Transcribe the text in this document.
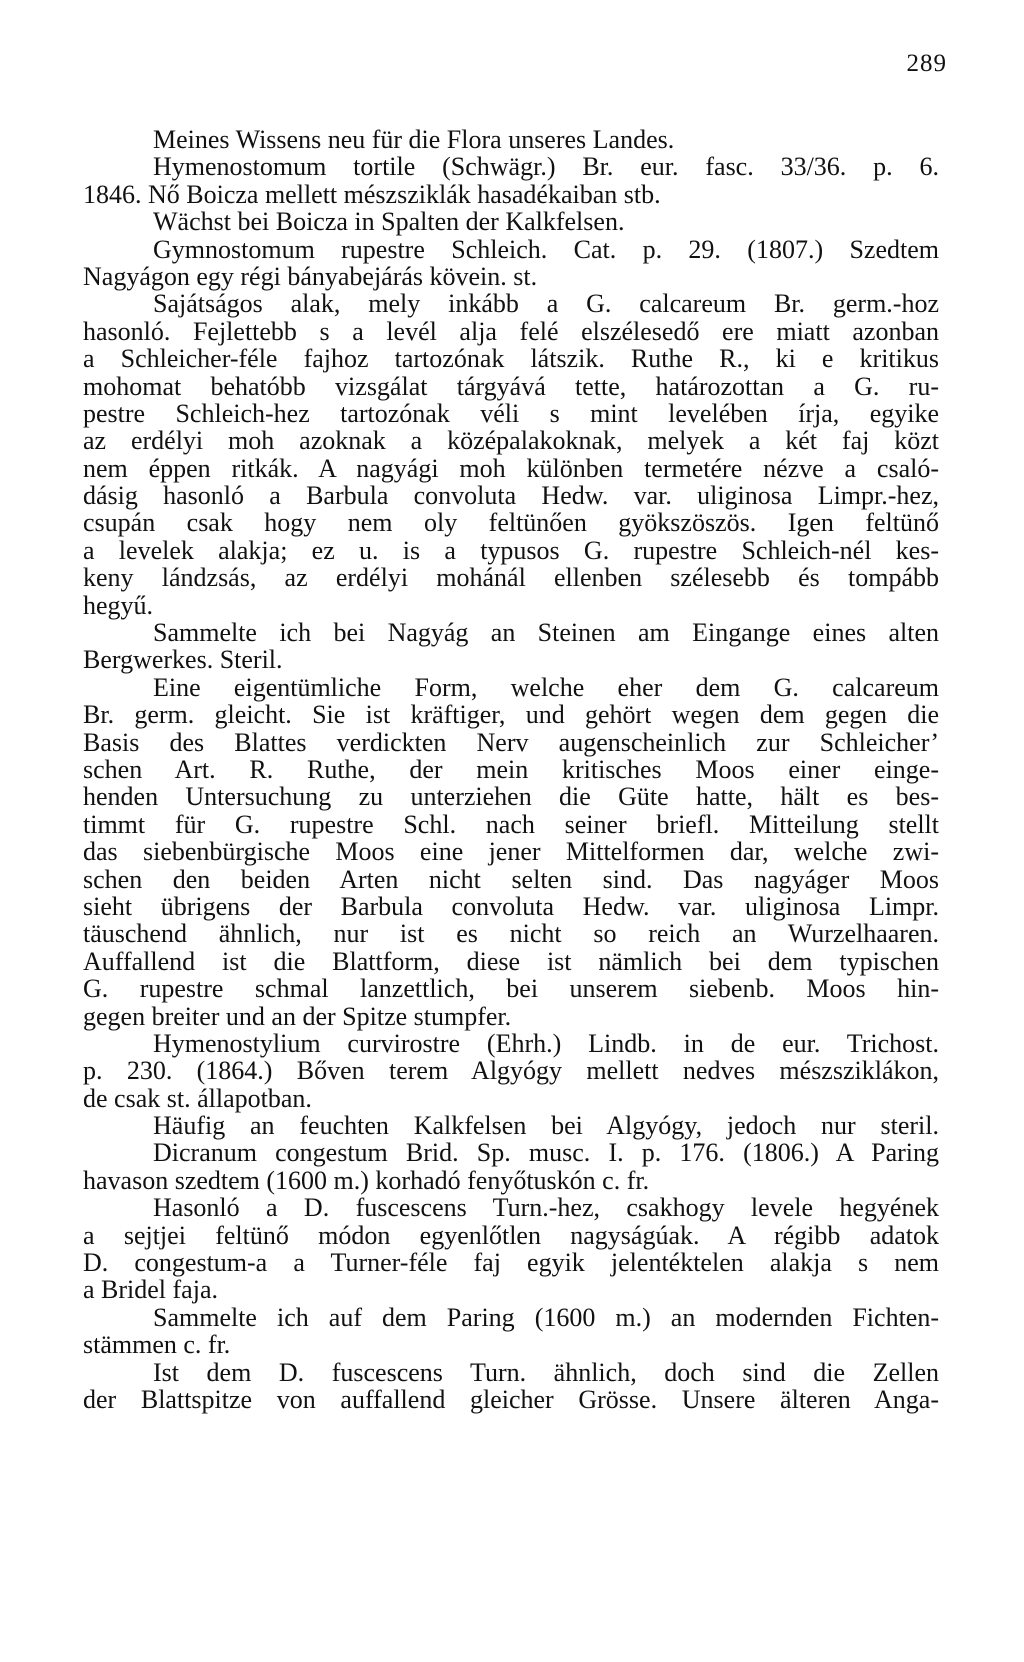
289
Meines Wissens neu für die Flora unseres Landes.
Hymenostomum tortile (Schwägr.) Br. eur. fasc. 33/36. p. 6.
1846. Nő Boicza mellett mészsziklák hasadékaiban stb.
Wächst bei Boicza in Spalten der Kalkfelsen.
Gymnostomum rupestre Schleich. Cat. p. 29. (1807.) Szedtem
Nagyágon egy régi bányabejárás kövein. st.
Sajátságos alak, mely inkább a G. calcareum Br. germ.-hoz
hasonló. Fejlettebb s a levél alja felé elszélesedő ere miatt azonban
a Schleicher-féle fajhoz tartozónak látszik. Ruthe R., ki e kritikus
mohomat behatóbb vizsgálat tárgyává tette, határozottan a G. ru-
pestre Schleich-hez tartozónak véli s mint levelében írja, egyike
az erdélyi moh azoknak a középalakoknak, melyek a két faj közt
nem éppen ritkák. A nagyági moh különben termetére nézve a csaló-
dásig hasonló a Barbula convoluta Hedw. var. uliginosa Limpr.-hez,
csupán csak hogy nem oly feltünően gyökszöszös. Igen feltünő
a levelek alakja; ez u. is a typusos G. rupestre Schleich-nél kes-
keny lándzsás, az erdélyi mohánál ellenben szélesebb és tompább
hegyű.
Sammelte ich bei Nagyág an Steinen am Eingange eines alten
Bergwerkes. Steril.
Eine eigentümliche Form, welche eher dem G. calcareum
Br. germ. gleicht. Sie ist kräftiger, und gehört wegen dem gegen die
Basis des Blattes verdickten Nerv augenscheinlich zur Schleicher’
schen Art. R. Ruthe, der mein kritisches Moos einer einge-
henden Untersuchung zu unterziehen die Güte hatte, hält es bes-
timmt für G. rupestre Schl. nach seiner briefl. Mitteilung stellt
das siebenbürgische Moos eine jener Mittelformen dar, welche zwi-
schen den beiden Arten nicht selten sind. Das nagyáger Moos
sieht übrigens der Barbula convoluta Hedw. var. uliginosa Limpr.
täuschend ähnlich, nur ist es nicht so reich an Wurzelhaaren.
Auffallend ist die Blattform, diese ist nämlich bei dem typischen
G. rupestre schmal lanzettlich, bei unserem siebenb. Moos hin-
gegen breiter und an der Spitze stumpfer.
Hymenostylium curvirostre (Ehrh.) Lindb. in de eur. Trichost.
p. 230. (1864.) Bőven terem Algyógy mellett nedves mészsziklákon,
de csak st. állapotban.
Häufig an feuchten Kalkfelsen bei Algyógy, jedoch nur steril.
Dicranum congestum Brid. Sp. musc. I. p. 176. (1806.) A Paring
havason szedtem (1600 m.) korhadó fenyőtuskón c. fr.
Hasonló a D. fuscescens Turn.-hez, csakhogy levele hegyének
a sejtjei feltünő módon egyenlőtlen nagyságúak. A régibb adatok
D. congestum-a a Turner-féle faj egyik jelentéktelen alakja s nem
a Bridel faja.
Sammelte ich auf dem Paring (1600 m.) an modernden Fichten-
stämmen c. fr.
Ist dem D. fuscescens Turn. ähnlich, doch sind die Zellen
der Blattspitze von auffallend gleicher Grösse. Unsere älteren Anga-
